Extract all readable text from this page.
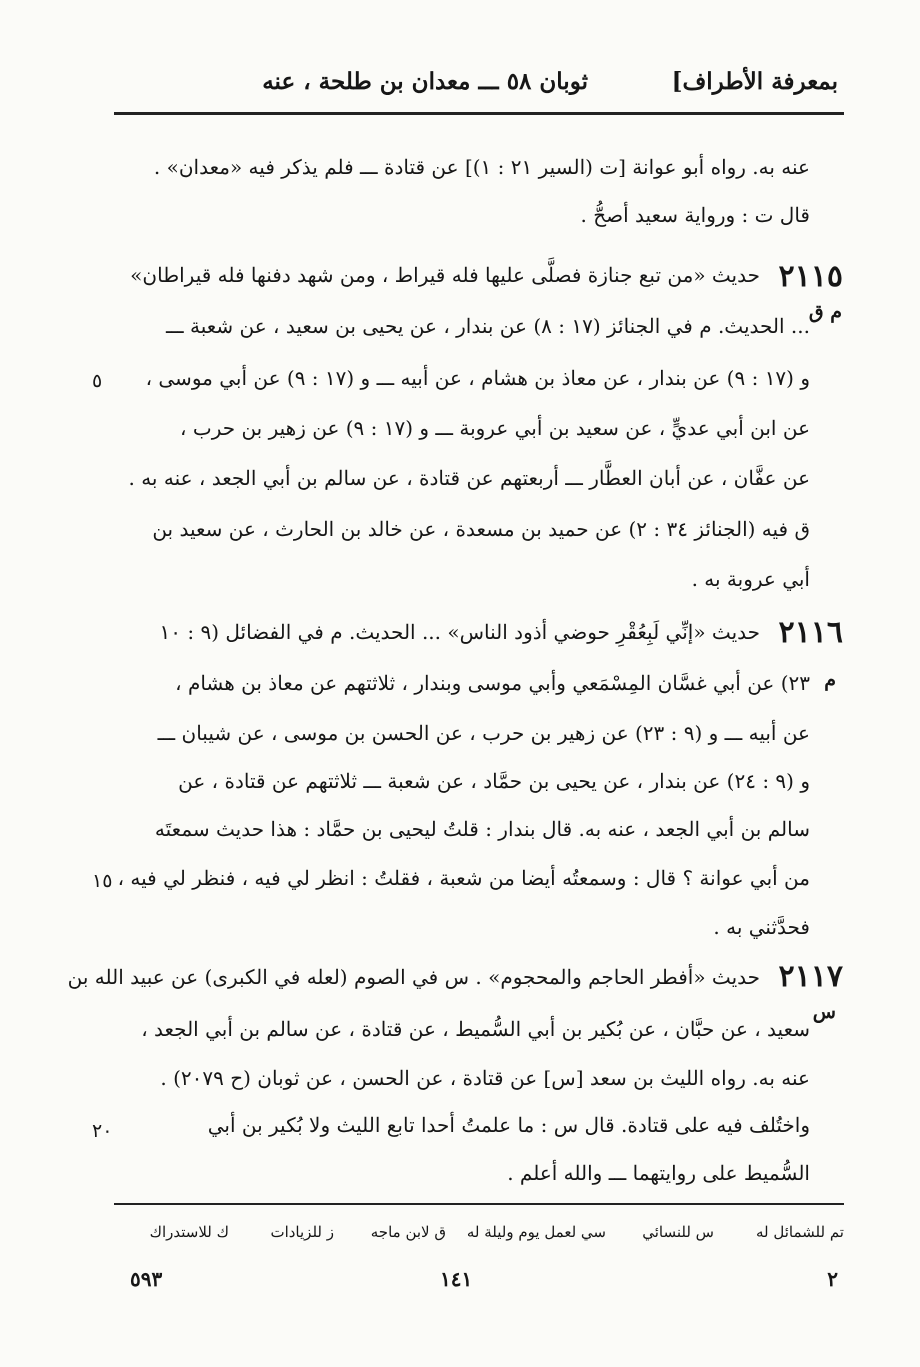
بمعرفة الأطراف]
ثوبان ٥٨ ـــ معدان بن طلحة ، عنه
٢١١٥
٢١١٦
٢١١٧
م ق
م
س
٥
١٥
٢٠
عنه به. رواه أبو عوانة [ت (السير ٢١ : ١)] عن قتادة ـــ فلم يذكر فيه «معدان» .
قال ت : ورواية سعيد أصحُّ .
حديث «من تبع جنازة فصلَّى عليها فله قيراط ، ومن شهد دفنها فله قيراطان»
... الحديث. م في الجنائز (١٧ : ٨) عن بندار ، عن يحيى بن سعيد ، عن شعبة ـــ
و (١٧ : ٩) عن بندار ، عن معاذ بن هشام ، عن أبيه ـــ و (١٧ : ٩) عن أبي موسى ،
عن ابن أبي عديٍّ ، عن سعيد بن أبي عروبة ـــ و (١٧ : ٩) عن زهير بن حرب ،
عن عفَّان ، عن أبان العطَّار ـــ أربعتهم عن قتادة ، عن سالم بن أبي الجعد ، عنه به .
ق فيه (الجنائز ٣٤ : ٢) عن حميد بن مسعدة ، عن خالد بن الحارث ، عن سعيد بن
أبي عروبة به .
حديث «إنِّي لَبِعُقْرِ حوضي أذود الناس» ... الحديث. م في الفضائل (٩ : ١٠
٢٣) عن أبي غسَّان المِسْمَعي وأبي موسى وبندار ، ثلاثتهم عن معاذ بن هشام ،
عن أبيه ـــ و (٩ : ٢٣) عن زهير بن حرب ، عن الحسن بن موسى ، عن شيبان ـــ
و (٩ : ٢٤) عن بندار ، عن يحيى بن حمَّاد ، عن شعبة ـــ ثلاثتهم عن قتادة ، عن
سالم بن أبي الجعد ، عنه به. قال بندار : قلتُ ليحيى بن حمَّاد : هذا حديث سمعتَه
من أبي عوانة ؟ قال : وسمعتُه أيضا من شعبة ، فقلتُ : انظر لي فيه ، فنظر لي فيه ،
فحدَّثني به .
حديث «أفطر الحاجم والمحجوم» . س في الصوم (لعله في الكبرى) عن عبيد الله بن
سعيد ، عن حبَّان ، عن بُكير بن أبي السُّميط ، عن قتادة ، عن سالم بن أبي الجعد ،
عنه به. رواه الليث بن سعد [س] عن قتادة ، عن الحسن ، عن ثوبان (ح ٢٠٧٩) .
واختُلف فيه على قتادة. قال س : ما علمتُ أحدا تابع الليث ولا بُكير بن أبي
السُّميط على روايتهما ـــ والله أعلم .
تم للشمائل له
س للنسائي
سي لعمل يوم وليلة له
ق لابن ماجه
ز للزيادات
ك للاستدراك
٥٩٣	١٤١	٢
